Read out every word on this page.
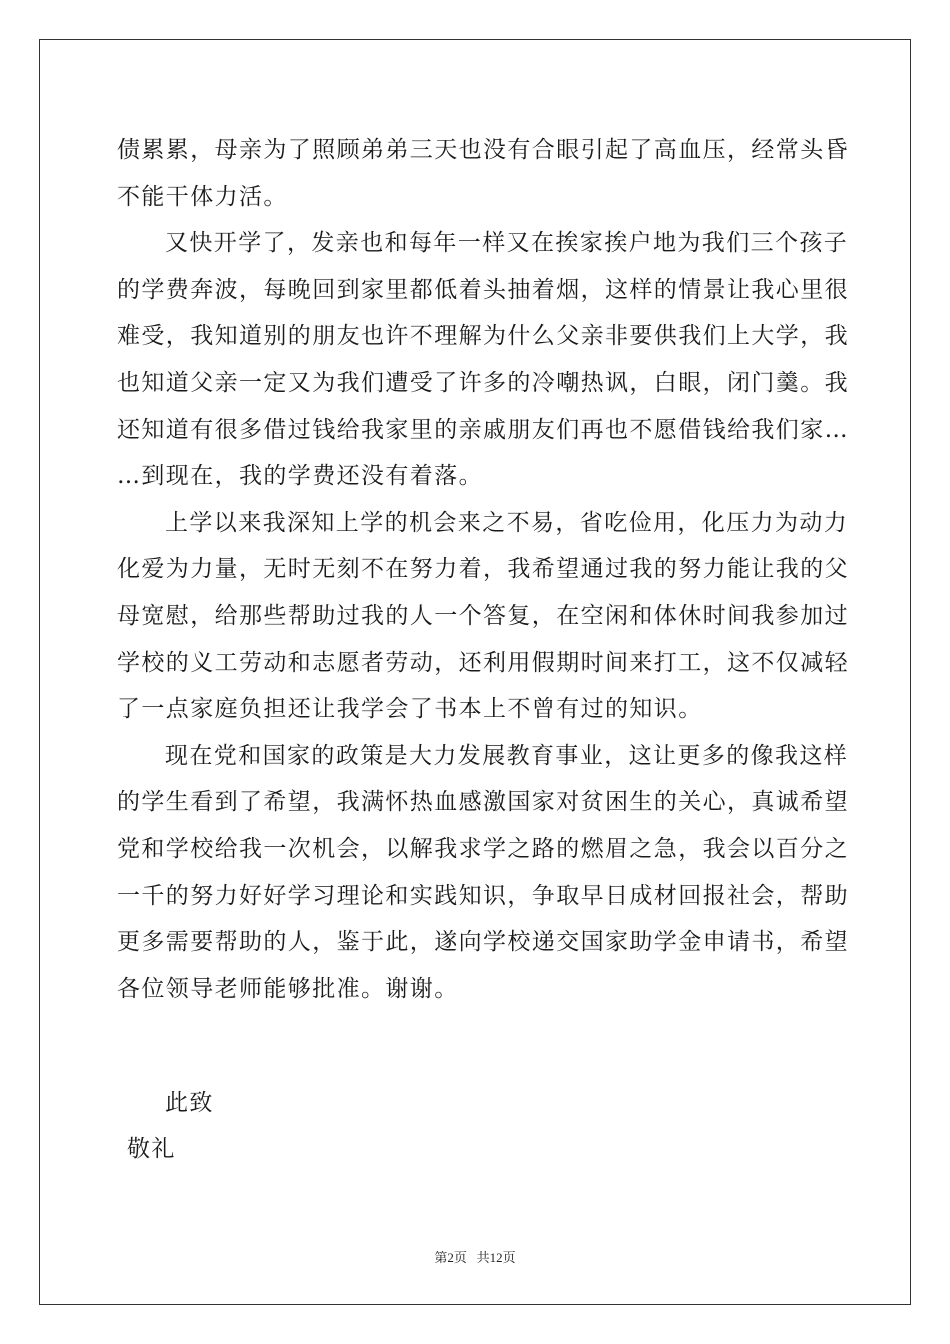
债累累，母亲为了照顾弟弟三天也没有合眼引起了高血压，经常头昏
不能干体力活。
又快开学了，发亲也和每年一样又在挨家挨户地为我们三个孩子
的学费奔波，每晚回到家里都低着头抽着烟，这样的情景让我心里很
难受，我知道别的朋友也许不理解为什么父亲非要供我们上大学，我
也知道父亲一定又为我们遭受了许多的冷嘲热讽，白眼，闭门羹。我
还知道有很多借过钱给我家里的亲戚朋友们再也不愿借钱给我们家…
…到现在，我的学费还没有着落。
上学以来我深知上学的机会来之不易，省吃俭用，化压力为动力
化爱为力量，无时无刻不在努力着，我希望通过我的努力能让我的父
母宽慰，给那些帮助过我的人一个答复，在空闲和体休时间我参加过
学校的义工劳动和志愿者劳动，还利用假期时间来打工，这不仅减轻
了一点家庭负担还让我学会了书本上不曾有过的知识。
现在党和国家的政策是大力发展教育事业，这让更多的像我这样
的学生看到了希望，我满怀热血感激国家对贫困生的关心，真诚希望
党和学校给我一次机会，以解我求学之路的燃眉之急，我会以百分之
一千的努力好好学习理论和实践知识，争取早日成材回报社会，帮助
更多需要帮助的人，鉴于此，遂向学校递交国家助学金申请书，希望
各位领导老师能够批准。谢谢。
此致
敬礼
第2页 共12页
